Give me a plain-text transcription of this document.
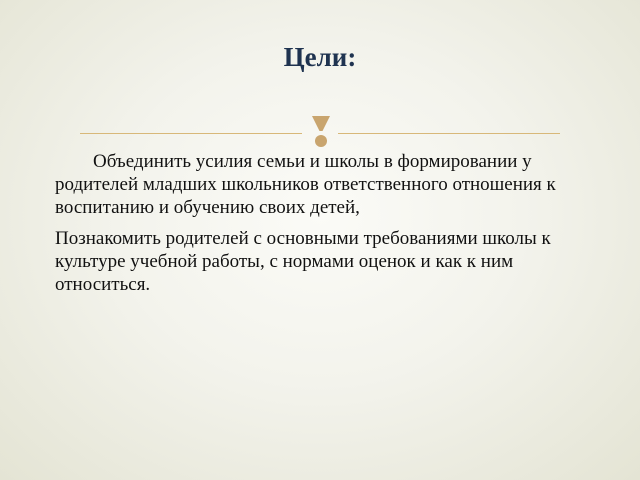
Цели:

Объединить усилия семьи и школы в формировании у родителей младших школьников ответственного отношения к воспитанию и обучению своих детей,

Познакомить родителей с основными требованиями школы к культуре учебной работы, с нормами оценок и как к ним относиться.
